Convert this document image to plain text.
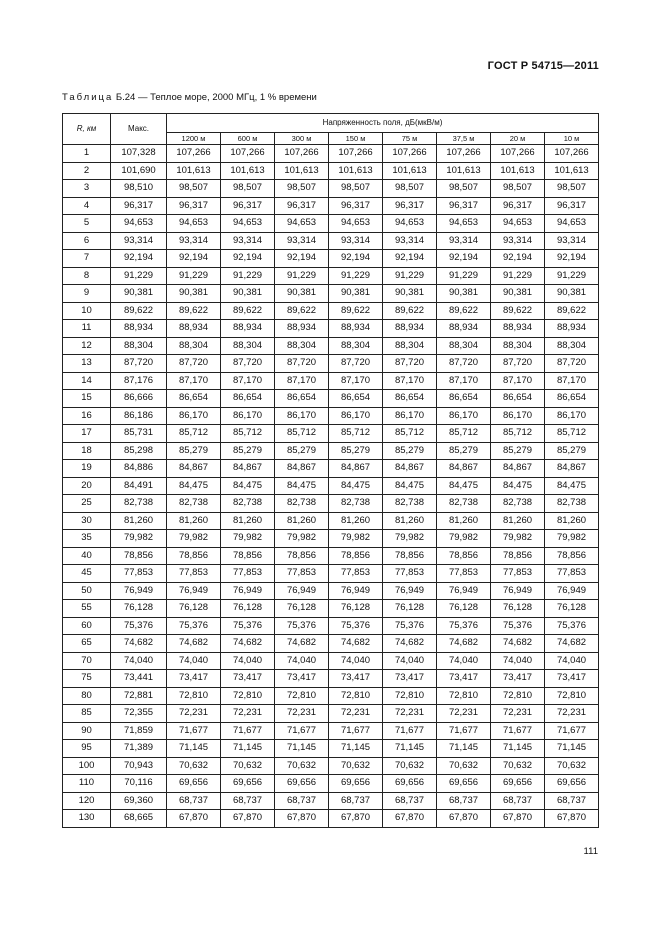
ГОСТ Р 54715—2011
Таблица Б.24 — Теплое море, 2000 МГц, 1 % времени
R, км	Макс.	Напряженность поля, дБ(мкВ/м)							
		1200 м	600 м	300 м	150 м	75 м	37,5 м	20 м	10 м
1	107,328	107,266	107,266	107,266	107,266	107,266	107,266	107,266	107,266
2	101,690	101,613	101,613	101,613	101,613	101,613	101,613	101,613	101,613
3	98,510	98,507	98,507	98,507	98,507	98,507	98,507	98,507	98,507
4	96,317	96,317	96,317	96,317	96,317	96,317	96,317	96,317	96,317
5	94,653	94,653	94,653	94,653	94,653	94,653	94,653	94,653	94,653
6	93,314	93,314	93,314	93,314	93,314	93,314	93,314	93,314	93,314
7	92,194	92,194	92,194	92,194	92,194	92,194	92,194	92,194	92,194
8	91,229	91,229	91,229	91,229	91,229	91,229	91,229	91,229	91,229
9	90,381	90,381	90,381	90,381	90,381	90,381	90,381	90,381	90,381
10	89,622	89,622	89,622	89,622	89,622	89,622	89,622	89,622	89,622
11	88,934	88,934	88,934	88,934	88,934	88,934	88,934	88,934	88,934
12	88,304	88,304	88,304	88,304	88,304	88,304	88,304	88,304	88,304
13	87,720	87,720	87,720	87,720	87,720	87,720	87,720	87,720	87,720
14	87,176	87,170	87,170	87,170	87,170	87,170	87,170	87,170	87,170
15	86,666	86,654	86,654	86,654	86,654	86,654	86,654	86,654	86,654
16	86,186	86,170	86,170	86,170	86,170	86,170	86,170	86,170	86,170
17	85,731	85,712	85,712	85,712	85,712	85,712	85,712	85,712	85,712
18	85,298	85,279	85,279	85,279	85,279	85,279	85,279	85,279	85,279
19	84,886	84,867	84,867	84,867	84,867	84,867	84,867	84,867	84,867
20	84,491	84,475	84,475	84,475	84,475	84,475	84,475	84,475	84,475
25	82,738	82,738	82,738	82,738	82,738	82,738	82,738	82,738	82,738
30	81,260	81,260	81,260	81,260	81,260	81,260	81,260	81,260	81,260
35	79,982	79,982	79,982	79,982	79,982	79,982	79,982	79,982	79,982
40	78,856	78,856	78,856	78,856	78,856	78,856	78,856	78,856	78,856
45	77,853	77,853	77,853	77,853	77,853	77,853	77,853	77,853	77,853
50	76,949	76,949	76,949	76,949	76,949	76,949	76,949	76,949	76,949
55	76,128	76,128	76,128	76,128	76,128	76,128	76,128	76,128	76,128
60	75,376	75,376	75,376	75,376	75,376	75,376	75,376	75,376	75,376
65	74,682	74,682	74,682	74,682	74,682	74,682	74,682	74,682	74,682
70	74,040	74,040	74,040	74,040	74,040	74,040	74,040	74,040	74,040
75	73,441	73,417	73,417	73,417	73,417	73,417	73,417	73,417	73,417
80	72,881	72,810	72,810	72,810	72,810	72,810	72,810	72,810	72,810
85	72,355	72,231	72,231	72,231	72,231	72,231	72,231	72,231	72,231
90	71,859	71,677	71,677	71,677	71,677	71,677	71,677	71,677	71,677
95	71,389	71,145	71,145	71,145	71,145	71,145	71,145	71,145	71,145
100	70,943	70,632	70,632	70,632	70,632	70,632	70,632	70,632	70,632
110	70,116	69,656	69,656	69,656	69,656	69,656	69,656	69,656	69,656
120	69,360	68,737	68,737	68,737	68,737	68,737	68,737	68,737	68,737
130	68,665	67,870	67,870	67,870	67,870	67,870	67,870	67,870	67,870
111
